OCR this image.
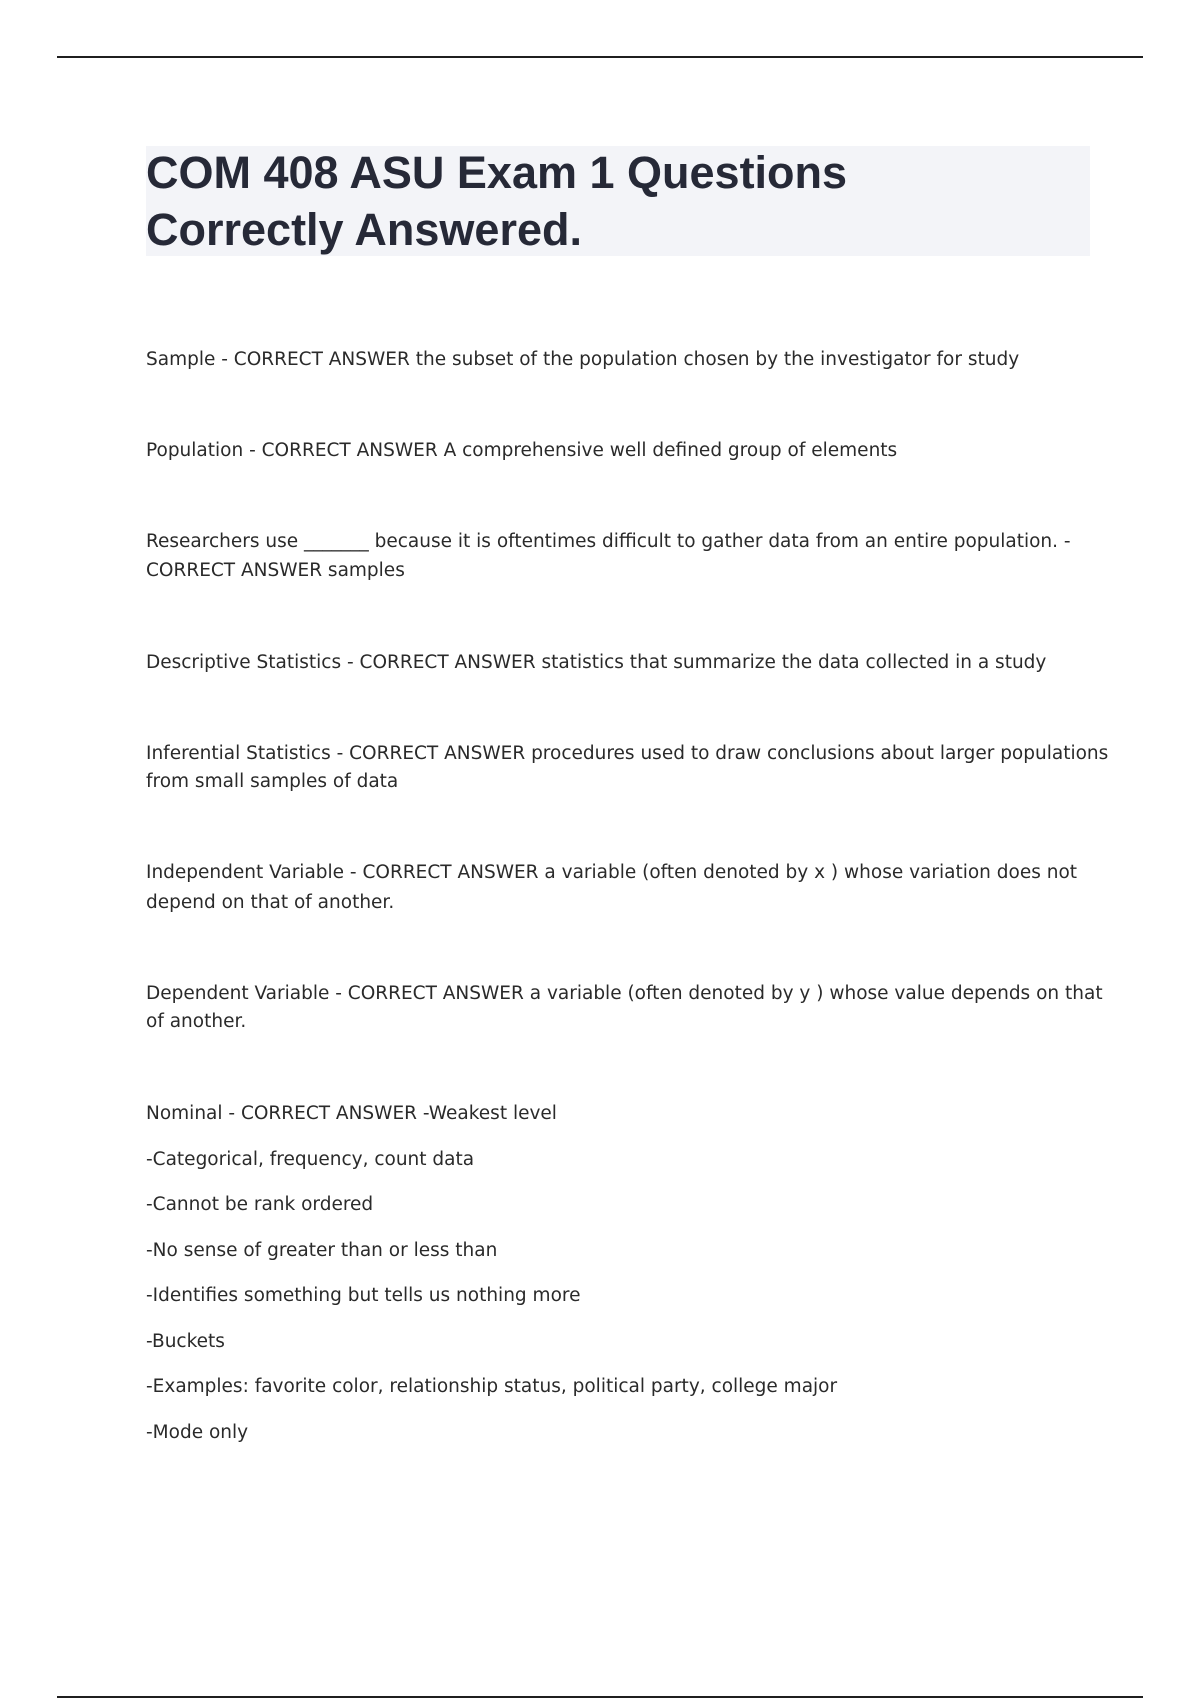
COM 408 ASU Exam 1 Questions
Correctly Answered.

Sample - CORRECT ANSWER the subset of the population chosen by the investigator for study

Population - CORRECT ANSWER A comprehensive well defined group of elements

Researchers use _______ because it is oftentimes difficult to gather data from an entire population. -

CORRECT ANSWER samples

Descriptive Statistics - CORRECT ANSWER statistics that summarize the data collected in a study

Inferential Statistics - CORRECT ANSWER procedures used to draw conclusions about larger populations

from small samples of data

Independent Variable - CORRECT ANSWER a variable (often denoted by x ) whose variation does not

depend on that of another.

Dependent Variable - CORRECT ANSWER a variable (often denoted by y ) whose value depends on that

of another.

Nominal - CORRECT ANSWER -Weakest level

-Categorical, frequency, count data

-Cannot be rank ordered

-No sense of greater than or less than

-Identifies something but tells us nothing more

-Buckets

-Examples: favorite color, relationship status, political party, college major

-Mode only
